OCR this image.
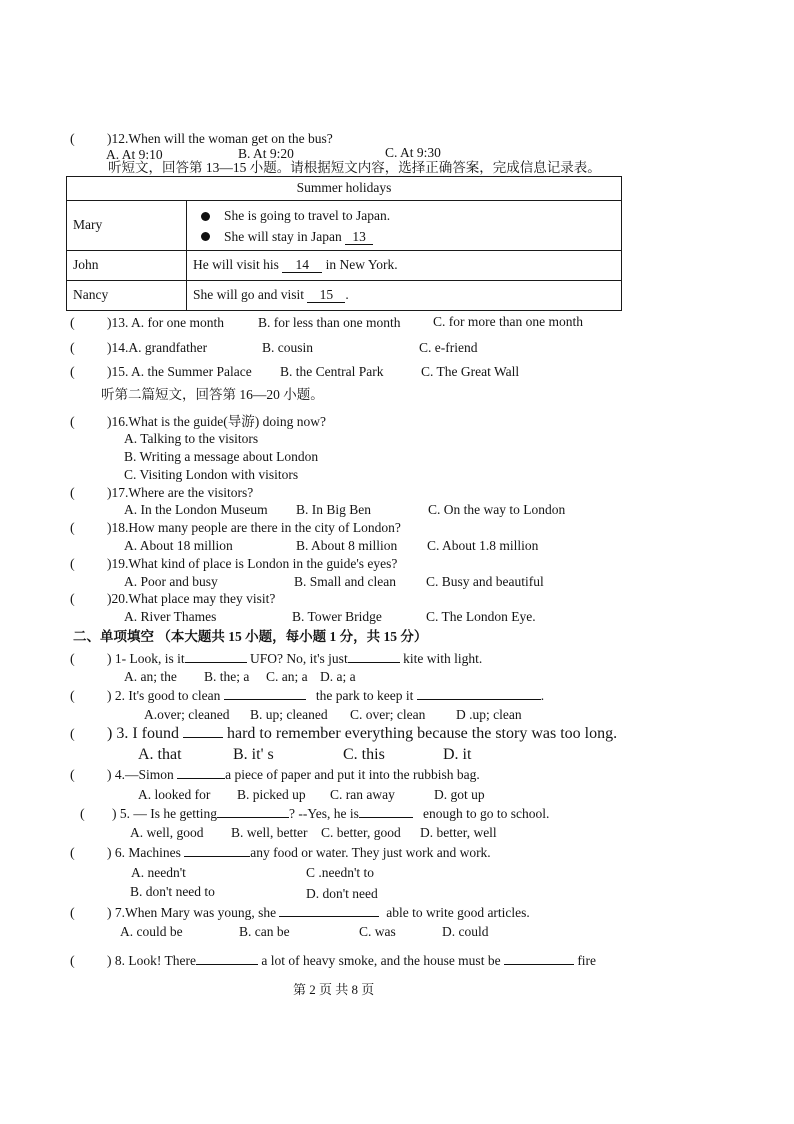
( )12.When will the woman get on the bus?
A. At 9:10	B. At 9:20	C. At 9:30
听短文，回答第 13—15 小题。请根据短文内容，选择正确答案，完成信息记录表。
Summer holidays	
Mary	She is going to travel to Japan.
She will stay in Japan 13

John	He will visit his 14 in New York.
Nancy	She will go and visit 15 .
( )13. A. for one month	B. for less than one month C. for more than one month
( )14.A. grandfather	B. cousin	C. e-friend
( )15. A. the Summer Palace B. the Central Park	C. The Great Wall
听第二篇短文，回答第 16—20 小题。
( )16.What is the guide(导游) doing now?
A. Talking to the visitors
B. Writing a message about London
C. Visiting London with visitors
( )17.Where are the visitors?
A. In the London Museum B. In Big Ben	C. On the way to London
( )18.How many people are there in the city of London?
A. About 18 million	B. About 8 million C. About 1.8 million
( )19.What kind of place is London in the guide's eyes?
A. Poor and busy	B. Small and clean C. Busy and beautiful
( )20.What place may they visit?
A. River Thames	B. Tower Bridge	C. The London Eye.
二、单项填空 （本大题共 15 小题，每小题 1 分，共 15 分）
( ) 1- Look, is it	UFO? No, it's just	kite with light.
A. an; the B. the; a C. an; a D. a; a
( ) 2. It's good to clean	the park to keep it	.
A.over; cleaned B. up; cleaned C. over; clean D .up; clean
( ) 3. I found	hard to remember everything because the story was too long.
A. that	B. it' s	C. this	D. it
( ) 4.—Simon	a piece of paper and put it into the rubbish bag.
A. looked for B. picked up C. ran away	D. got up
( ) 5. — Is he getting	? --Yes, he is	enough to go to school.
A. well, good B. well, better C. better, good D. better, well
( ) 6. Machines	any food or water. They just work and work.
A. needn't	C .needn't to
B. don't need to	D. don't need
( ) 7.When Mary was young, she	able to write good articles.
A. could be	B. can be	C. was	D. could
( ) 8. Look! There	a lot of heavy smoke, and the house must be	fire
第 2 页 共 8 页
